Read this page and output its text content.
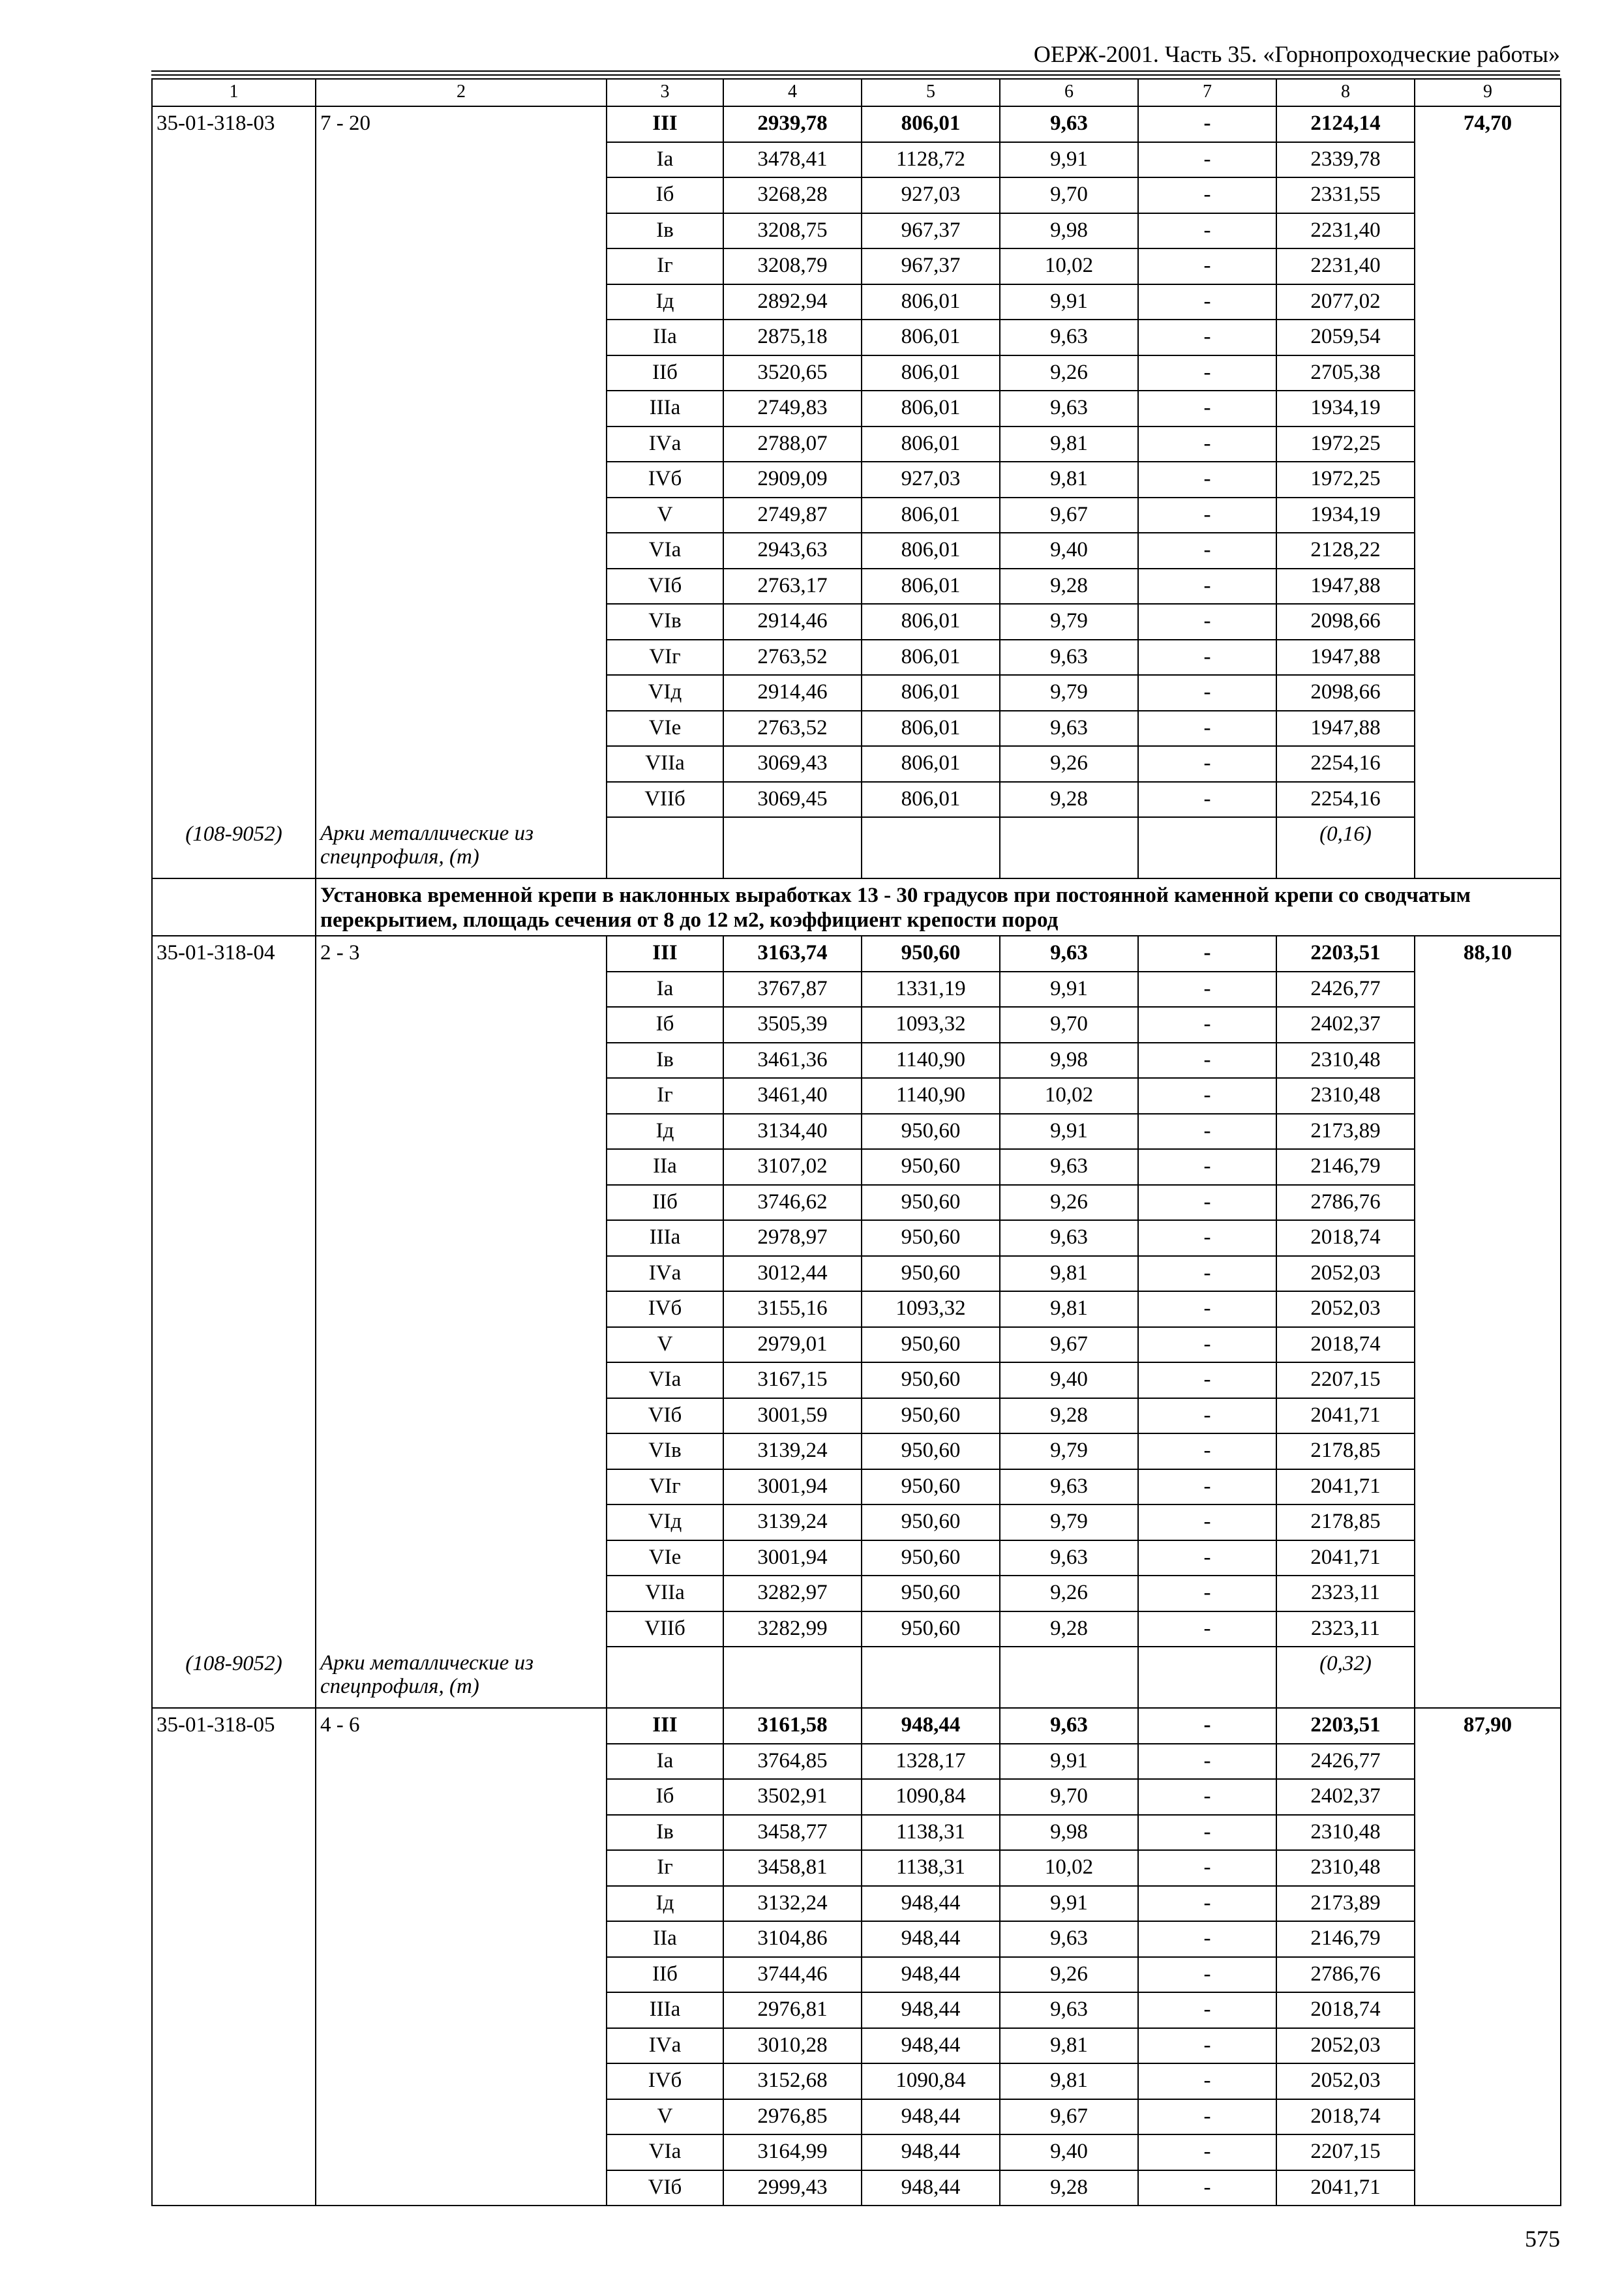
ОЕРЖ-2001. Часть 35. «Горнопроходческие работы»
1	2	3	4	5	6	7	8	9
35-01-318-03	7 - 20	III	2939,78	806,01	9,63	-	2124,14	74,70
		Iа	3478,41	1128,72	9,91	-	2339,78	
		Iб	3268,28	927,03	9,70	-	2331,55	
		Iв	3208,75	967,37	9,98	-	2231,40	
		Iг	3208,79	967,37	10,02	-	2231,40	
		Iд	2892,94	806,01	9,91	-	2077,02	
		IIа	2875,18	806,01	9,63	-	2059,54	
		IIб	3520,65	806,01	9,26	-	2705,38	
		IIIа	2749,83	806,01	9,63	-	1934,19	
		IVа	2788,07	806,01	9,81	-	1972,25	
		IVб	2909,09	927,03	9,81	-	1972,25	
		V	2749,87	806,01	9,67	-	1934,19	
		VIа	2943,63	806,01	9,40	-	2128,22	
		VIб	2763,17	806,01	9,28	-	1947,88	
		VIв	2914,46	806,01	9,79	-	2098,66	
		VIг	2763,52	806,01	9,63	-	1947,88	
		VIд	2914,46	806,01	9,79	-	2098,66	
		VIе	2763,52	806,01	9,63	-	1947,88	
		VIIа	3069,43	806,01	9,26	-	2254,16	
		VIIб	3069,45	806,01	9,28	-	2254,16	
(108-9052)	Арки металлические из спецпрофиля, (т)						(0,16)	
	Установка временной крепи в наклонных выработках 13 - 30 градусов при постоянной каменной крепи со сводчатым перекрытием, площадь сечения от 8 до 12 м2, коэффициент крепости пород							
35-01-318-04	2 - 3	III	3163,74	950,60	9,63	-	2203,51	88,10
		Iа	3767,87	1331,19	9,91	-	2426,77	
		Iб	3505,39	1093,32	9,70	-	2402,37	
		Iв	3461,36	1140,90	9,98	-	2310,48	
		Iг	3461,40	1140,90	10,02	-	2310,48	
		Iд	3134,40	950,60	9,91	-	2173,89	
		IIа	3107,02	950,60	9,63	-	2146,79	
		IIб	3746,62	950,60	9,26	-	2786,76	
		IIIа	2978,97	950,60	9,63	-	2018,74	
		IVа	3012,44	950,60	9,81	-	2052,03	
		IVб	3155,16	1093,32	9,81	-	2052,03	
		V	2979,01	950,60	9,67	-	2018,74	
		VIа	3167,15	950,60	9,40	-	2207,15	
		VIб	3001,59	950,60	9,28	-	2041,71	
		VIв	3139,24	950,60	9,79	-	2178,85	
		VIг	3001,94	950,60	9,63	-	2041,71	
		VIд	3139,24	950,60	9,79	-	2178,85	
		VIе	3001,94	950,60	9,63	-	2041,71	
		VIIа	3282,97	950,60	9,26	-	2323,11	
		VIIб	3282,99	950,60	9,28	-	2323,11	
(108-9052)	Арки металлические из спецпрофиля, (т)						(0,32)	
35-01-318-05	4 - 6	III	3161,58	948,44	9,63	-	2203,51	87,90
		Iа	3764,85	1328,17	9,91	-	2426,77	
		Iб	3502,91	1090,84	9,70	-	2402,37	
		Iв	3458,77	1138,31	9,98	-	2310,48	
		Iг	3458,81	1138,31	10,02	-	2310,48	
		Iд	3132,24	948,44	9,91	-	2173,89	
		IIа	3104,86	948,44	9,63	-	2146,79	
		IIб	3744,46	948,44	9,26	-	2786,76	
		IIIа	2976,81	948,44	9,63	-	2018,74	
		IVа	3010,28	948,44	9,81	-	2052,03	
		IVб	3152,68	1090,84	9,81	-	2052,03	
		V	2976,85	948,44	9,67	-	2018,74	
		VIа	3164,99	948,44	9,40	-	2207,15	
		VIб	2999,43	948,44	9,28	-	2041,71	
575
